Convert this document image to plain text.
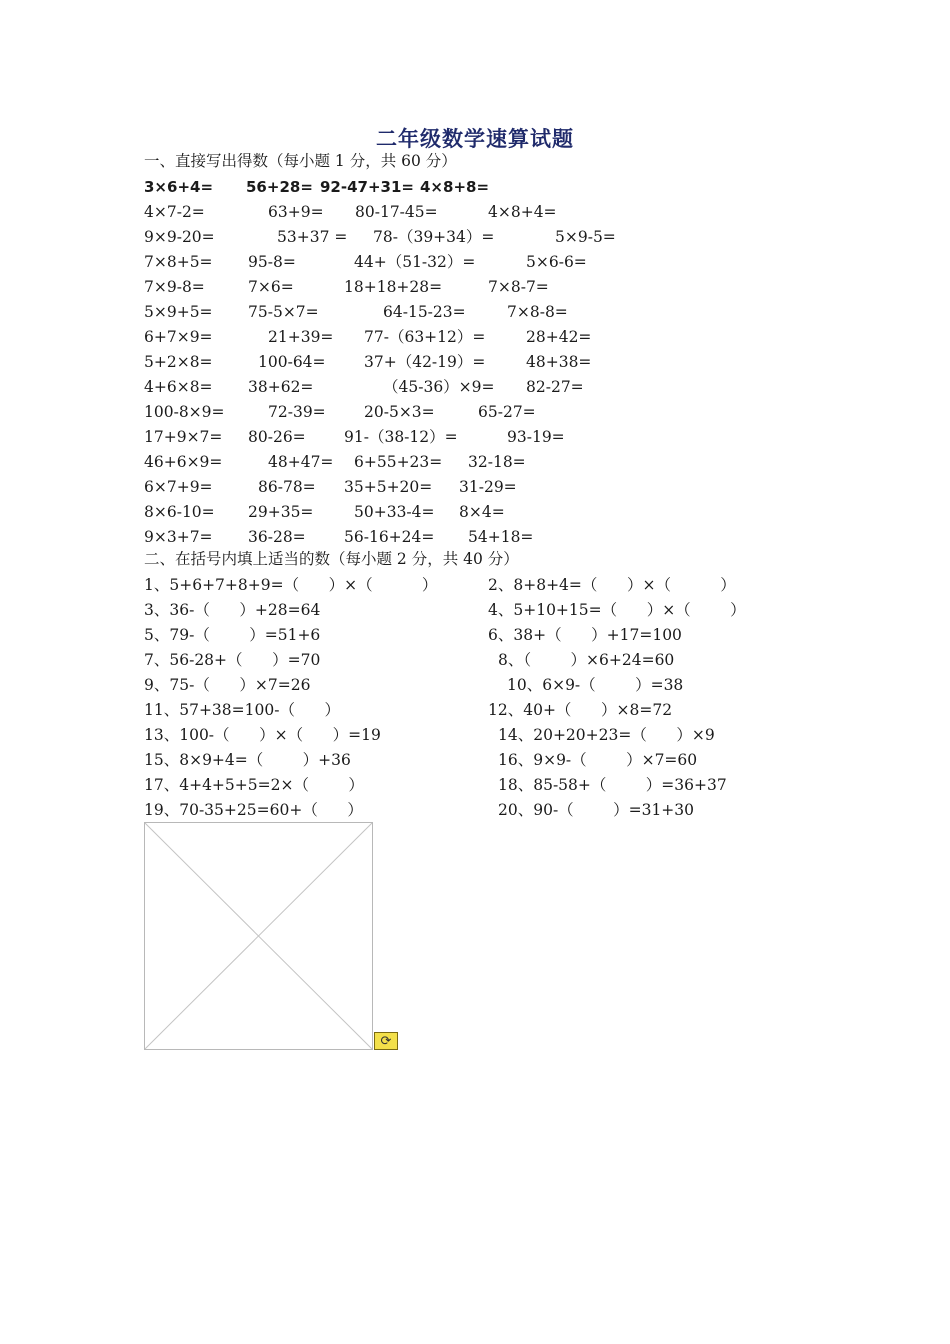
二年级数学速算试题
一、直接写出得数（每小题 1 分，共 60 分）
3×6+4= 56+28= 92-47+31= 4×8+8=
4×7-2=	63+9= 80-17-45=	4×8+4=
9×9-20=	53+37 = 78-（39+34）=	5×9-5=
7×8+5= 95-8=	44+（51-32）=	5×6-6=
7×9-8=	7×6=	18+18+28=	7×8-7=
5×9+5= 75-5×7=	64-15-23=	7×8-8=
6+7×9=	21+39= 77-（63+12）=	28+42=
5+2×8=	100-64= 37+（42-19）=	48+38=
4+6×8= 38+62=	（45-36）×9= 82-27=
100-8×9=	72-39= 20-5×3=	65-27=
17+9×7= 80-26= 91-（38-12）=	93-19=
46+6×9=	48+47= 6+55+23= 32-18=
6×7+9=	86-78= 35+5+20= 31-29=
8×6-10= 29+35=	50+33-4= 8×4=
9×3+7= 36-28= 56-16+24= 54+18=
二、在括号内填上适当的数（每小题 2 分，共 40 分）
1、5+6+7+8+9=（      ）×（          ）	2、8+8+4=（      ）×（          ）
3、36-（      ）+28=64	4、5+10+15=（      ）×（        ）
5、79-（        ）=51+6	6、38+（      ）+17=100
7、56-28+（      ）=70	8、（        ）×6+24=60
9、75-（      ）×7=26	10、6×9-（        ）=38
11、57+38=100-（      ）	12、40+（      ）×8=72
13、100-（      ）×（      ）=19	14、20+20+23=（      ）×9
15、8×9+4=（        ）+36	16、9×9-（        ）×7=60
17、4+4+5+5=2×（        ）	18、85-58+（        ）=36+37
19、70-35+25=60+（      ）	20、90-（        ）=31+30
⟳
